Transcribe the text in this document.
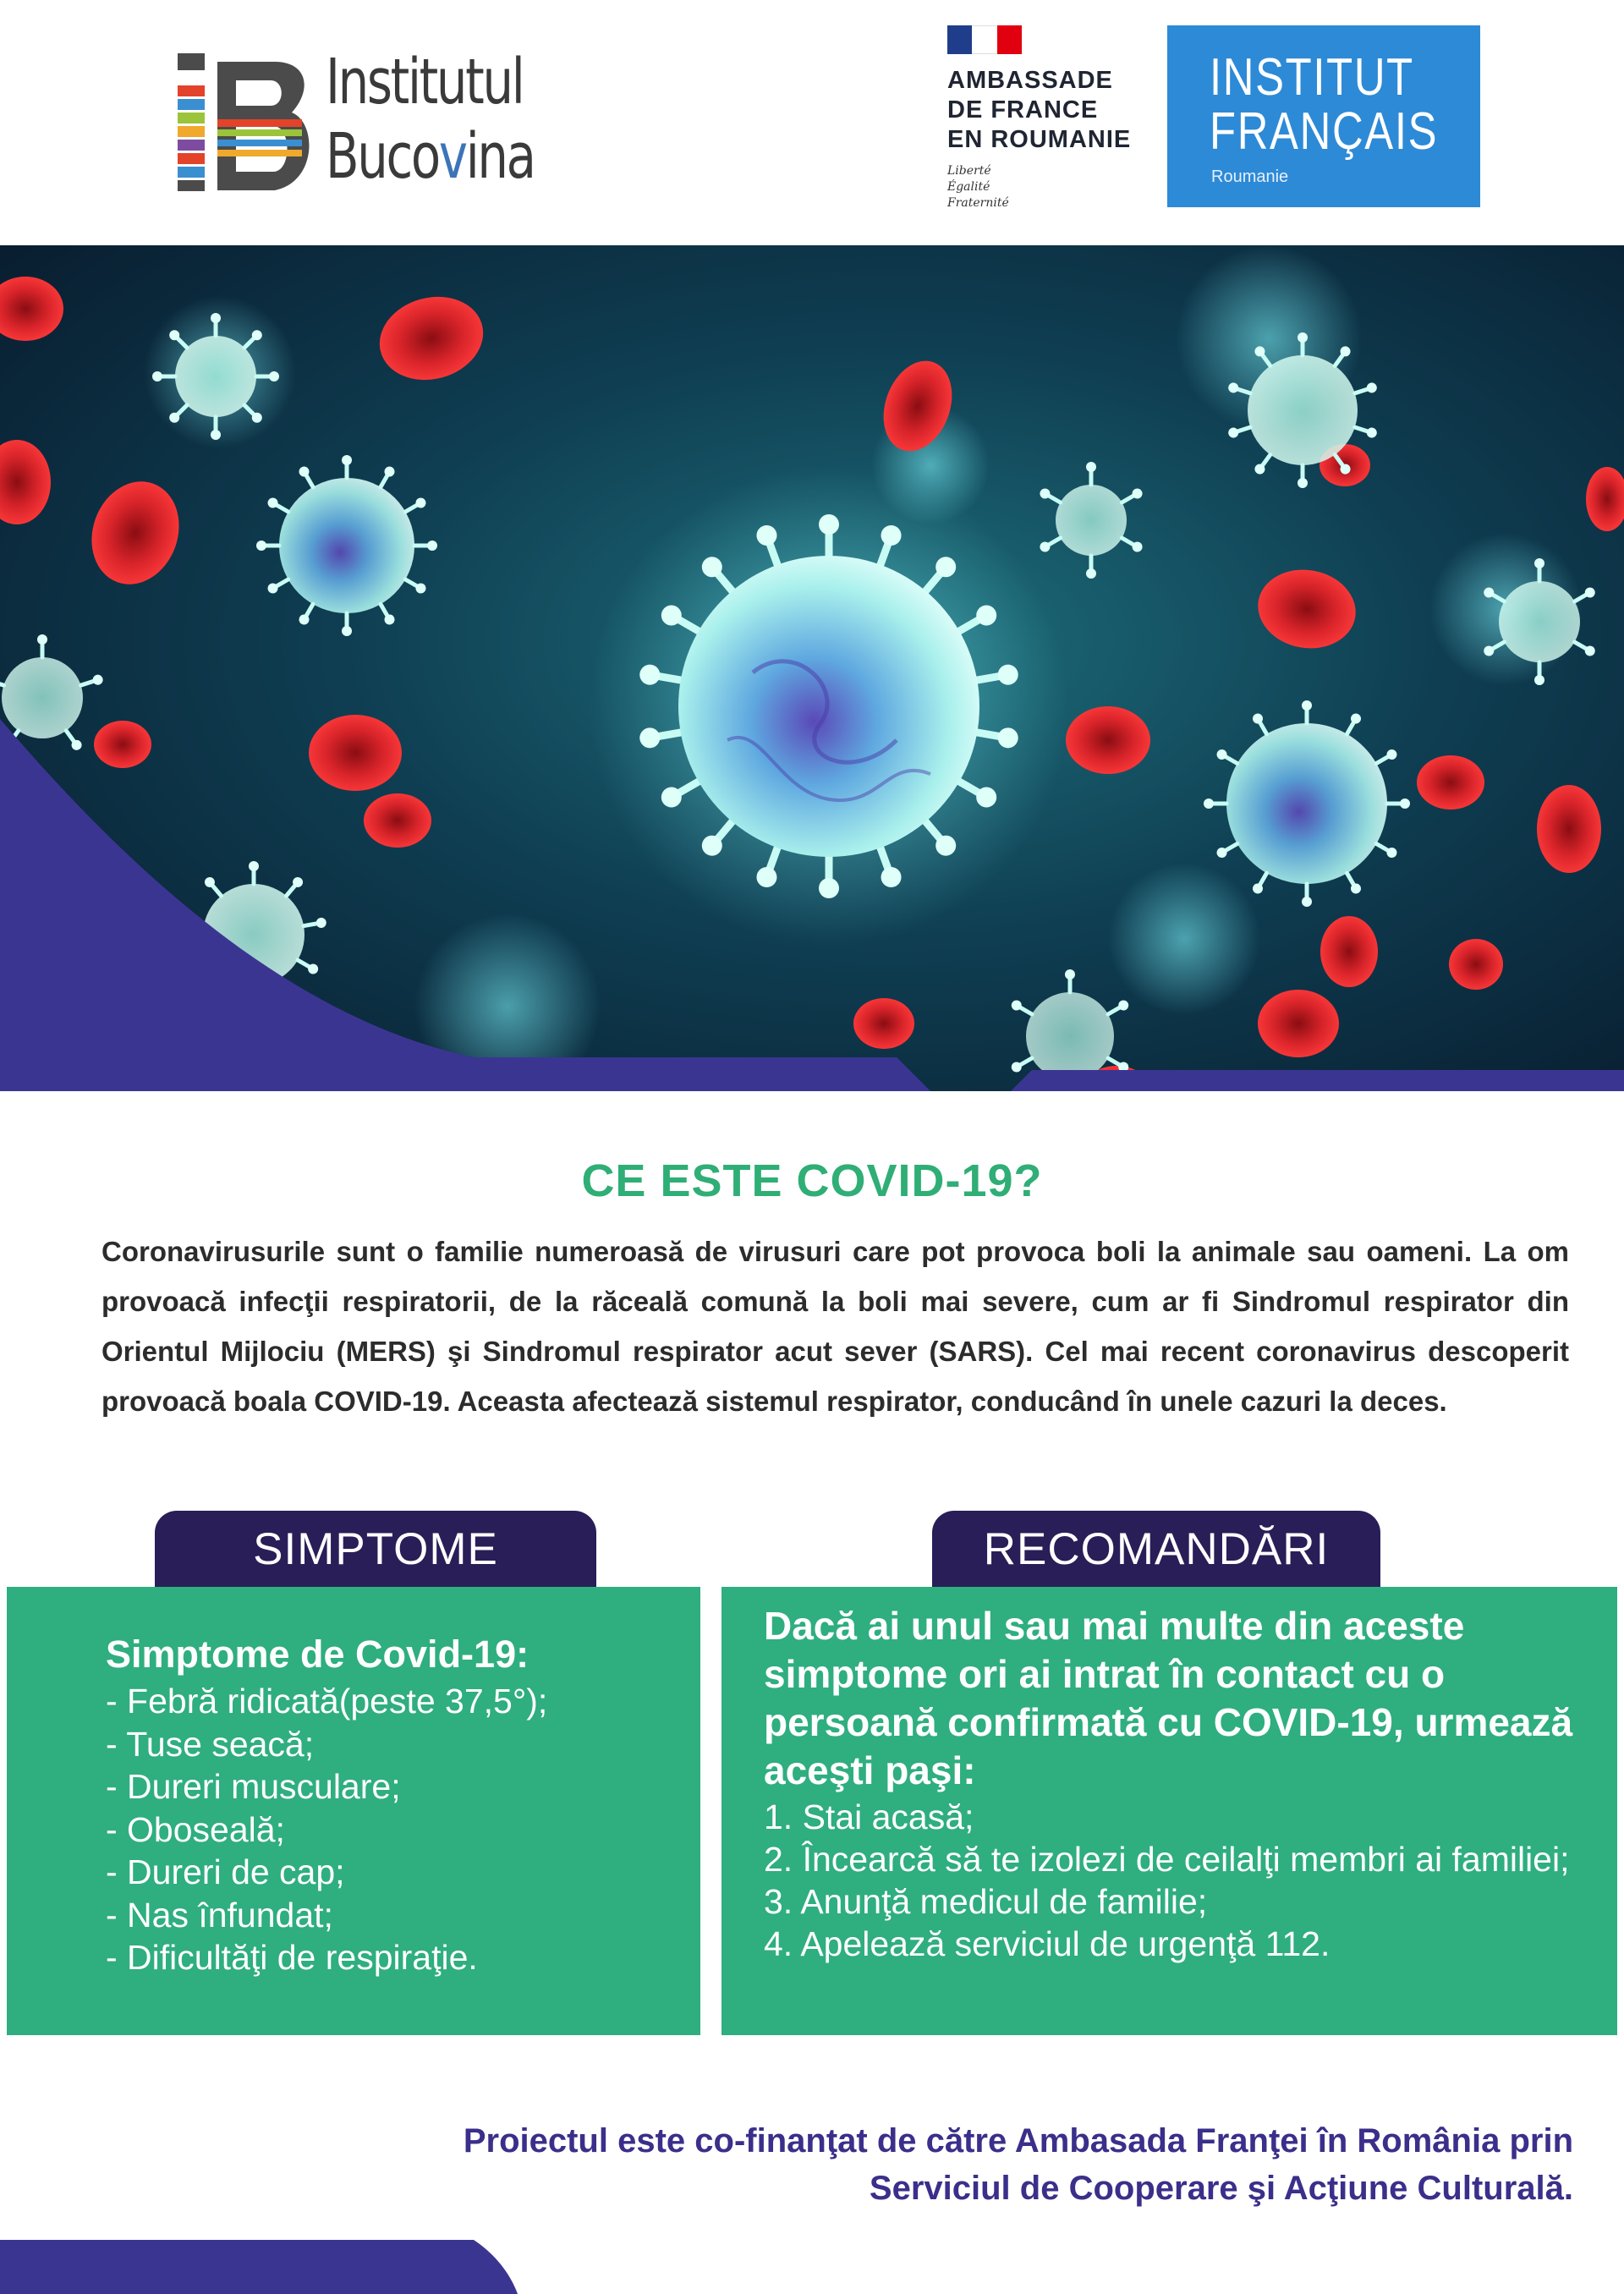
Institutul
Bucovina
AMBASSADE
DE FRANCE
EN ROUMANIE
Liberté
Égalité
Fraternité
INSTITUT
FRANÇAIS
Roumanie
CE ESTE COVID-19?
Coronavirusurile sunt o familie numeroasă de virusuri care pot provoca boli la animale sau oameni. La om provoacă infecţii respiratorii, de la răceală comună la boli mai severe, cum ar fi Sindromul respirator din Orientul Mijlociu (MERS) şi Sindromul respirator acut sever (SARS). Cel mai recent coronavirus descoperit provoacă boala COVID-19. Aceasta afectează sistemul respirator, conducând în unele cazuri la deces.
SIMPTOME
Simptome de Covid-19:
- Febră ridicată(peste 37,5°);
- Tuse seacă;
- Dureri musculare;
- Oboseală;
- Dureri de cap;
- Nas înfundat;
- Dificultăţi de respiraţie.
RECOMANDĂRI
Dacă ai unul sau mai multe din aceste simptome ori ai intrat în contact cu o persoană confirmată cu COVID-19, urmează aceşti paşi:
1. Stai acasă;
2. Încearcă să te izolezi de ceilalţi membri ai familiei;
3. Anunţă medicul de familie;
4. Apelează serviciul de urgenţă 112.
Proiectul este co-finanţat de către Ambasada Franţei în România prin Serviciul de Cooperare şi Acţiune Culturală.
